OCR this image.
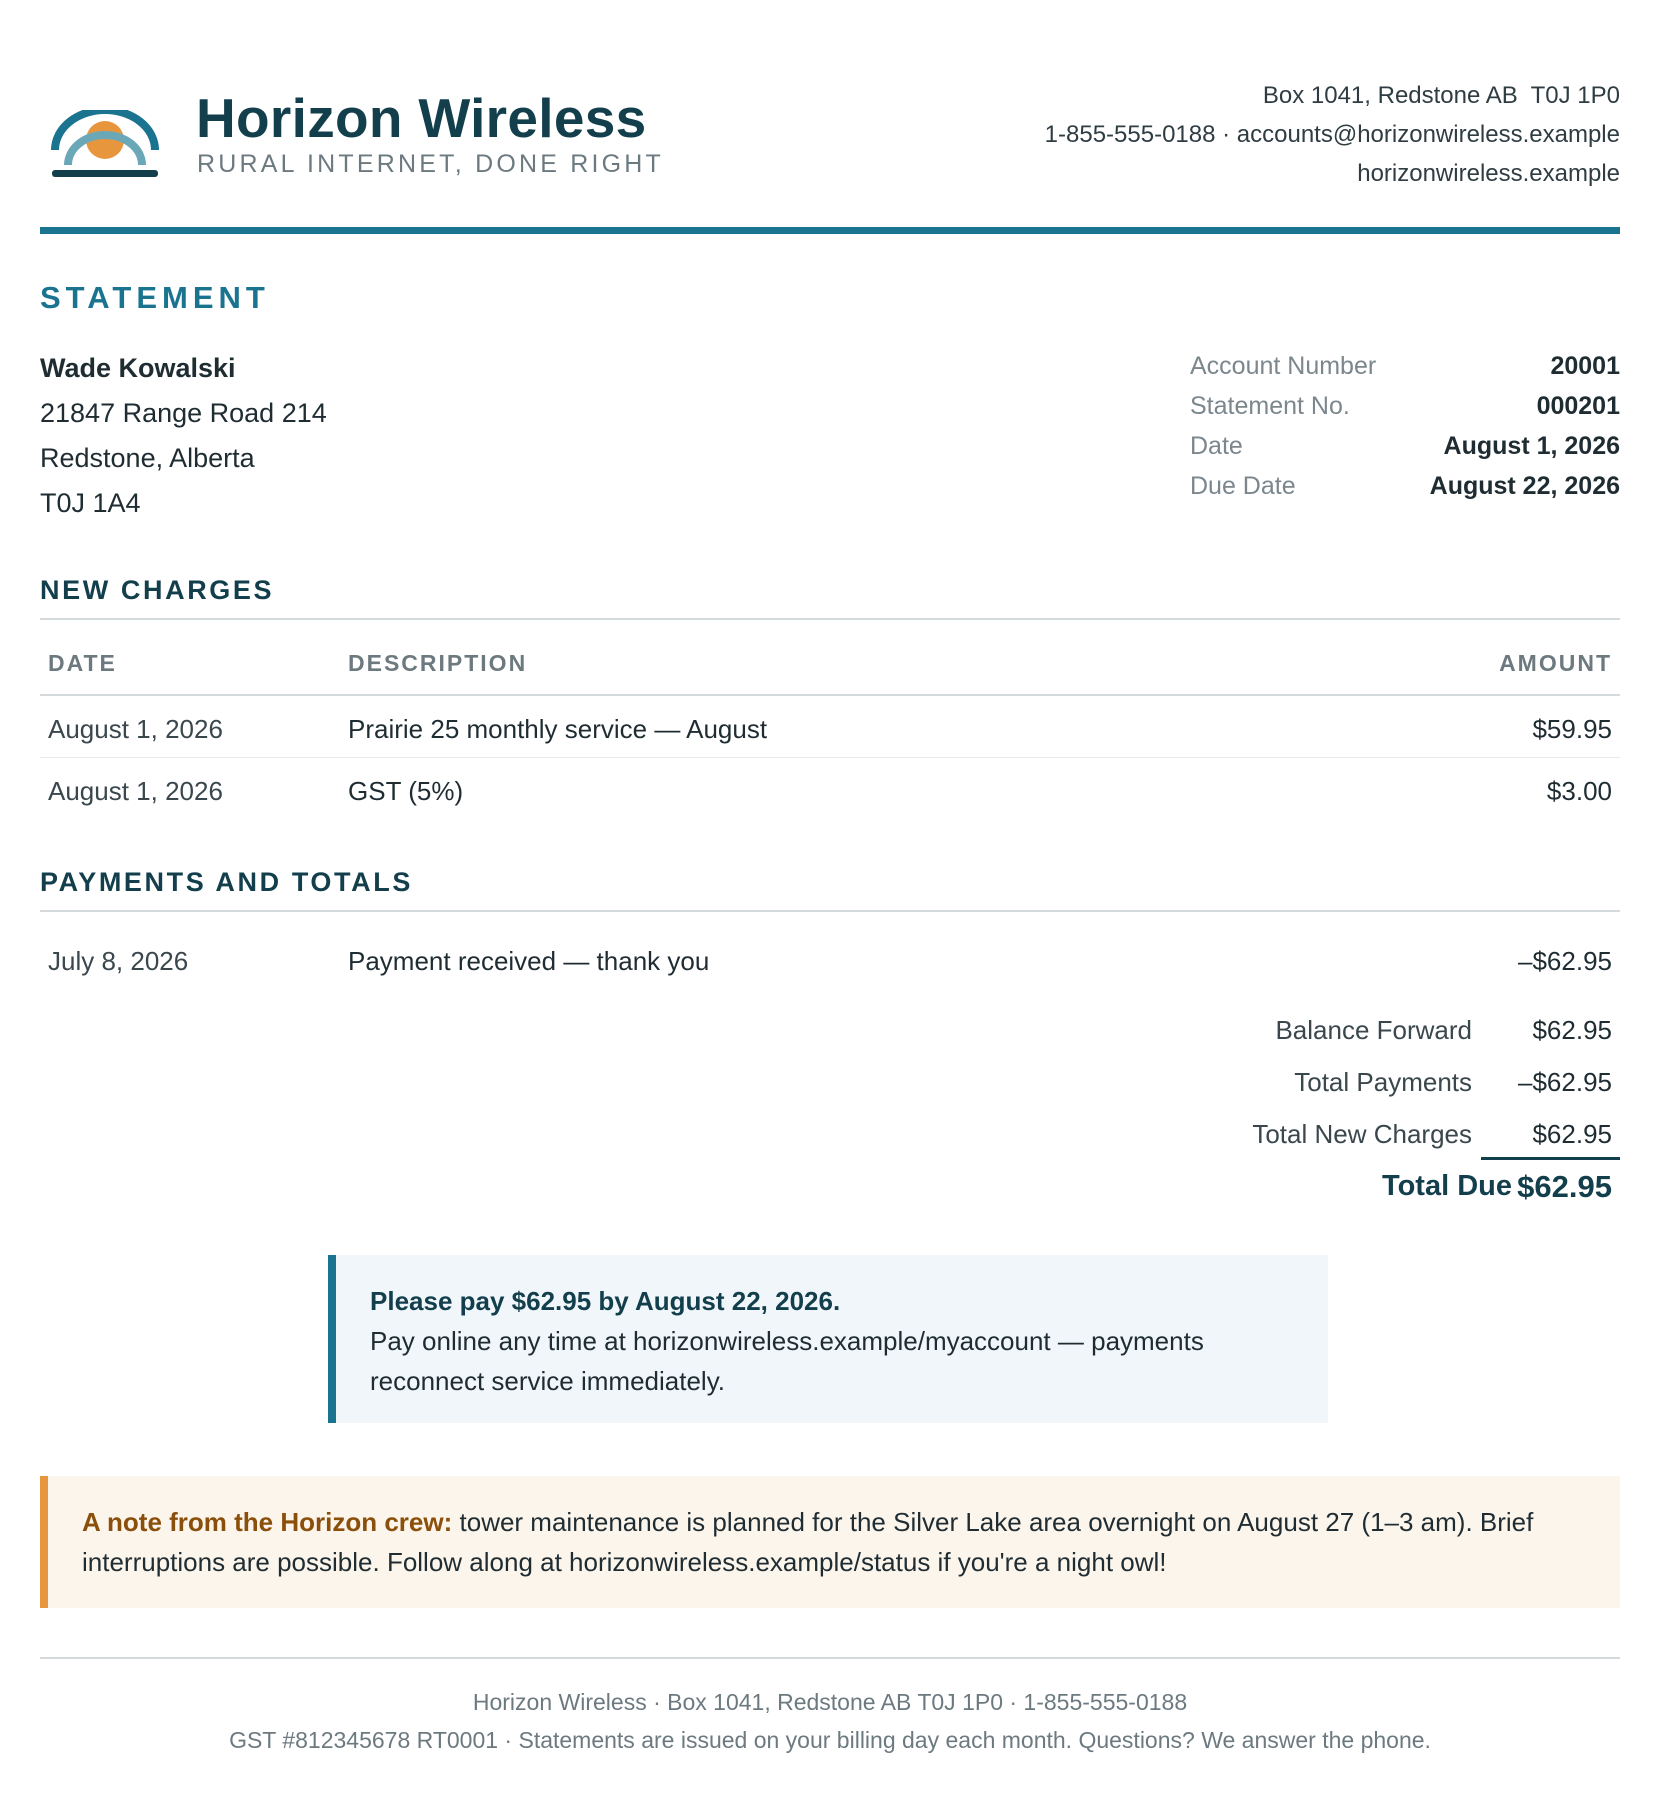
Horizon Wireless
RURAL INTERNET, DONE RIGHT
Box 1041, Redstone AB  T0J 1P0
1-855-555-0188 · accounts@horizonwireless.example
horizonwireless.example
STATEMENT
Wade Kowalski
21847 Range Road 214
Redstone, Alberta
T0J 1A4
Account Number	20001
Statement No.	000201
Date	August 1, 2026
Due Date	August 22, 2026
NEW CHARGES
DATE	DESCRIPTION	AMOUNT
August 1, 2026	Prairie 25 monthly service — August	$59.95
August 1, 2026	GST (5%)	$3.00
PAYMENTS AND TOTALS
July 8, 2026	Payment received — thank you	–$62.95
Balance Forward $62.95
Total Payments –$62.95
Total New Charges $62.95
Total Due $62.95
Please pay $62.95 by August 22, 2026.
Pay online any time at horizonwireless.example/myaccount — payments
reconnect service immediately.
A note from the Horizon crew: tower maintenance is planned for the Silver Lake area overnight on August 27 (1–3 am). Brief
interruptions are possible. Follow along at horizonwireless.example/status if you're a night owl!
Horizon Wireless · Box 1041, Redstone AB T0J 1P0 · 1-855-555-0188
GST #812345678 RT0001 · Statements are issued on your billing day each month. Questions? We answer the phone.
